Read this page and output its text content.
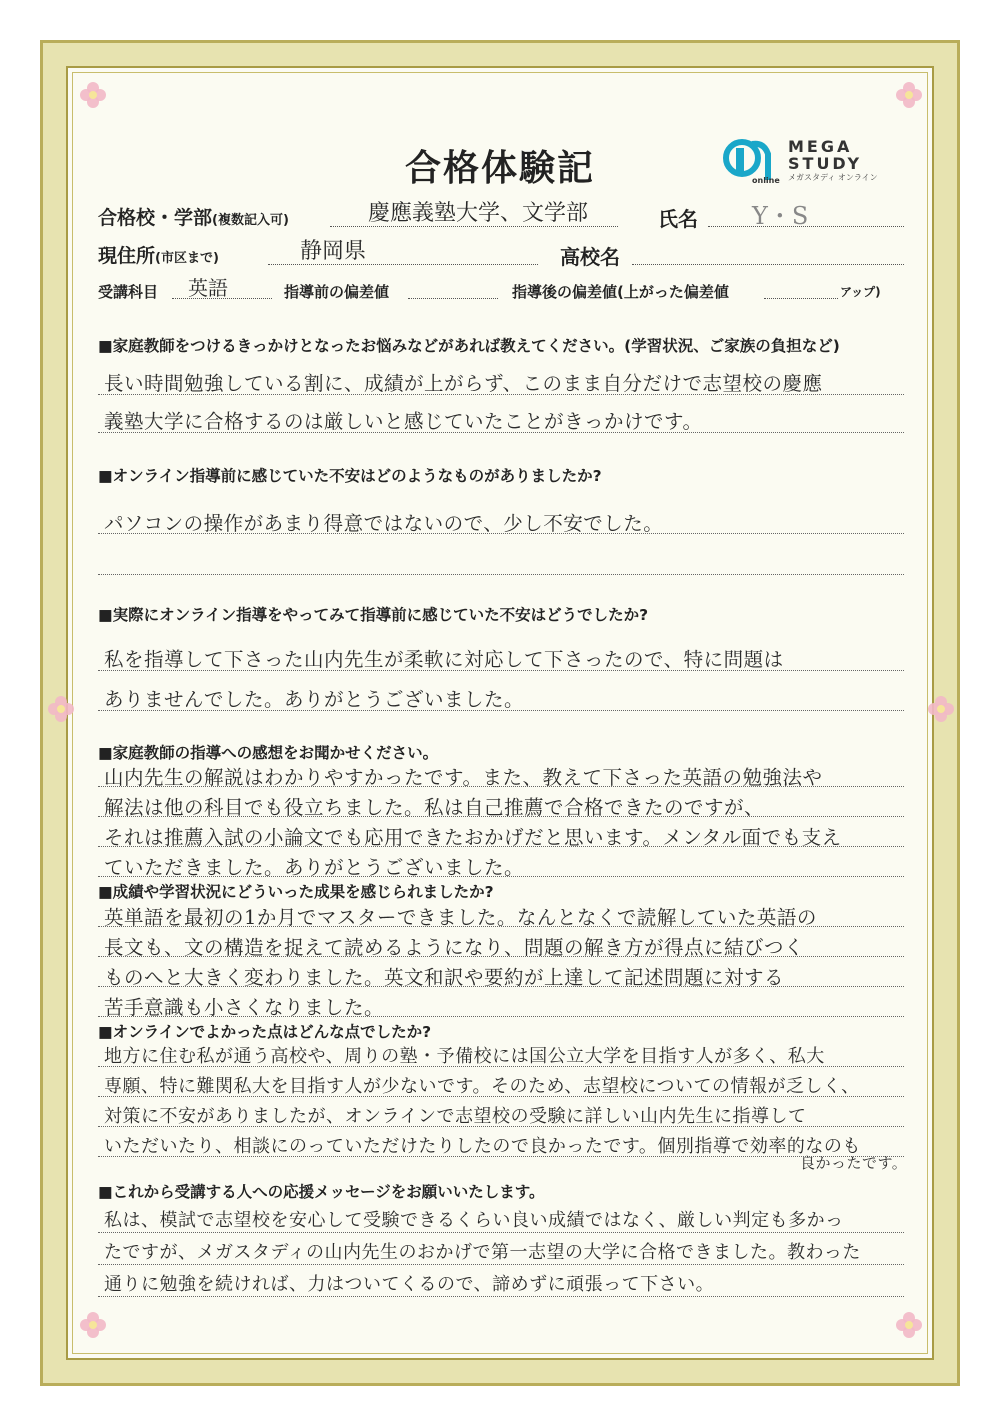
合格体験記	online
MEGA
STUDY
メガスタディ オンライン
合格校・学部(複数記入可)	慶應義塾大学、文学部	氏名 Y・S
現住所(市区まで)	静岡県	高校名
受講科目 英語	指導前の偏差値	指導後の偏差値(上がった偏差値	アップ)
■家庭教師をつけるきっかけとなったお悩みなどがあれば教えてください。(学習状況、ご家族の負担など)
長い時間勉強している割に、成績が上がらず、このまま自分だけで志望校の慶應
義塾大学に合格するのは厳しいと感じていたことがきっかけです。
■オンライン指導前に感じていた不安はどのようなものがありましたか?
パソコンの操作があまり得意ではないので、少し不安でした。
■実際にオンライン指導をやってみて指導前に感じていた不安はどうでしたか?
私を指導して下さった山内先生が柔軟に対応して下さったので、特に問題は
ありませんでした。ありがとうございました。
■家庭教師の指導への感想をお聞かせください。
山内先生の解説はわかりやすかったです。また、教えて下さった英語の勉強法や
解法は他の科目でも役立ちました。私は自己推薦で合格できたのですが、
それは推薦入試の小論文でも応用できたおかげだと思います。メンタル面でも支え
ていただきました。ありがとうございました。
■成績や学習状況にどういった成果を感じられましたか?
英単語を最初の1か月でマスターできました。なんとなくで読解していた英語の
長文も、文の構造を捉えて読めるようになり、問題の解き方が得点に結びつく
ものへと大きく変わりました。英文和訳や要約が上達して記述問題に対する
苦手意識も小さくなりました。
■オンラインでよかった点はどんな点でしたか?
地方に住む私が通う高校や、周りの塾・予備校には国公立大学を目指す人が多く、私大
専願、特に難関私大を目指す人が少ないです。そのため、志望校についての情報が乏しく、
対策に不安がありましたが、オンラインで志望校の受験に詳しい山内先生に指導して
いただいたり、相談にのっていただけたりしたので良かったです。個別指導で効率的なのも
良かったです。
■これから受講する人への応援メッセージをお願いいたします。
私は、模試で志望校を安心して受験できるくらい良い成績ではなく、厳しい判定も多かっ
たですが、メガスタディの山内先生のおかげで第一志望の大学に合格できました。教わった
通りに勉強を続ければ、力はついてくるので、諦めずに頑張って下さい。
